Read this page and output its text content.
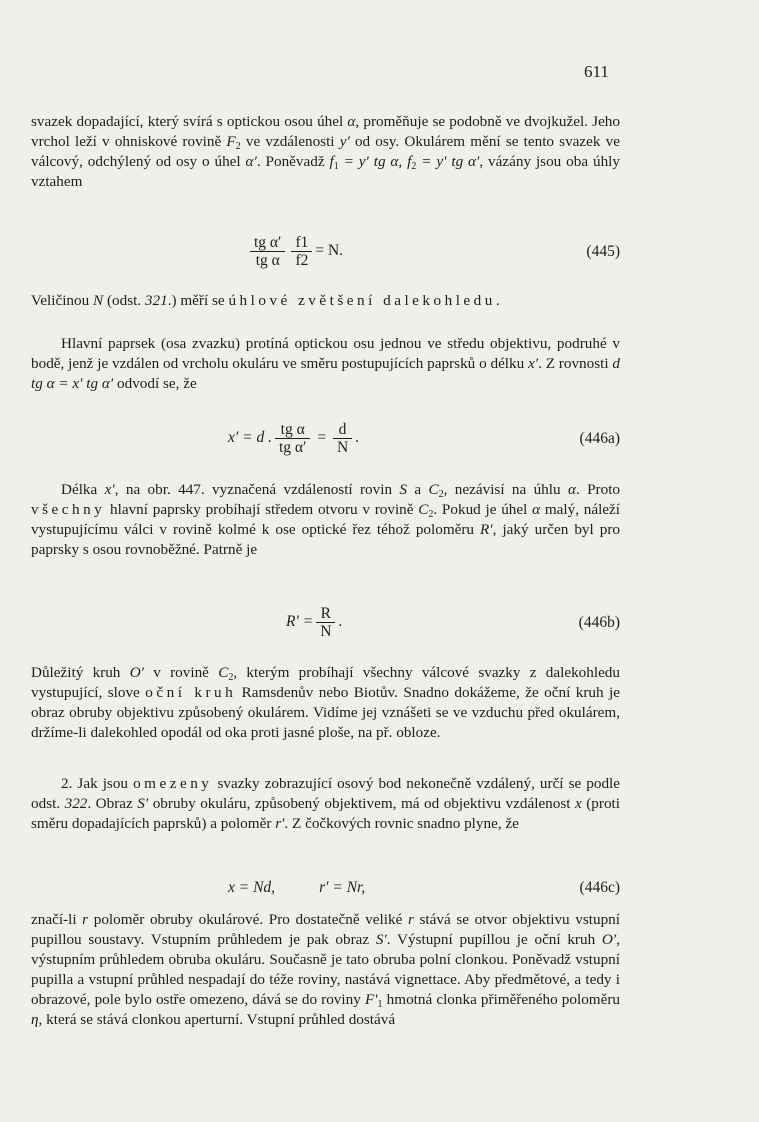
611

svazek dopadající, který svírá s optickou osou úhel α, proměňuje se podobně ve dvojkužel. Jeho vrchol leží v ohniskové rovině $F_2$ ve vzdálenosti y′ od osy. Okulárem mění se tento svazek ve válcový, odchýlený od osy o úhel α′. Poněvadž $f_1 = y'$ tg α, $f_2 = y'$ tg α′, vázány jsou oba úhly vztahem

$\frac{\text{tg α′}}{\text{tg α}} \frac{f1}{f2} = N$.	(445)

Veličinou N (odst. 321.) měří se úhlové zvětšení dalekohledu.

Hlavní paprsek (osa zvazku) protíná optickou osu jednou ve středu objektivu, podruhé v bodě, jenž je vzdálen od vrcholu okuláru ve směru postupujících paprsků o délku x′. Z rovnosti d tg α = x′ tg α′ odvodí se, že

x′ = d . $\frac{\text{tg α}}{\text{tg α′}} = \frac{d}{N}$ .	(446a)

Délka x′, na obr. 447. vyznačená vzdáleností rovin S a $C_2$, nezávisí na úhlu α. Proto všechny hlavní paprsky probíhají středem otvoru v rovině $C_2$. Pokud je úhel α malý, náleží vystupujícímu válci v rovině kolmé k ose optické řez téhož poloměru R′, jaký určen byl pro paprsky s osou rovnoběžné. Patrně je

$R' = \frac{R}{N}$ .	(446b)

Důležitý kruh O′ v rovině $C_2$, kterým probíhají všechny válcové svazky z dalekohledu vystupující, slove oční kruh Ramsdenův nebo Biotův. Snadno dokážeme, že oční kruh je obraz obruby objektivu způsobený okulárem. Vidíme jej vznášeti se ve vzduchu před okulárem, držíme-li dalekohled opodál od oka proti jasné ploše, na př. obloze.

2. Jak jsou omezeny svazky zobrazující osový bod nekonečně vzdálený, určí se podle odst. 322. Obraz S′ obruby okuláru, způsobený objektivem, má od objektivu vzdálenost x (proti směru dopadajících paprsků) a poloměr r′. Z čočkových rovnic snadno plyne, že

x = Nd,	r′ = Nr,	(446c)

značí-li r poloměr obruby okulárové. Pro dostatečně veliké r stává se otvor objektivu vstupní pupillou soustavy. Vstupním průhledem je pak obraz S′. Výstupní pupillou je oční kruh O′, výstupním průhledem obruba okuláru. Současně je tato obruba polní clonkou. Poněvadž vstupní pupilla a vstupní průhled nespadají do téže roviny, nastává vignettace. Aby předmětové, a tedy i obrazové, pole bylo ostře omezeno, dává se do roviny $F'_1$ hmotná clonka přiměřeného poloměru η, která se stává clonkou aperturní. Vstupní průhled dostává
